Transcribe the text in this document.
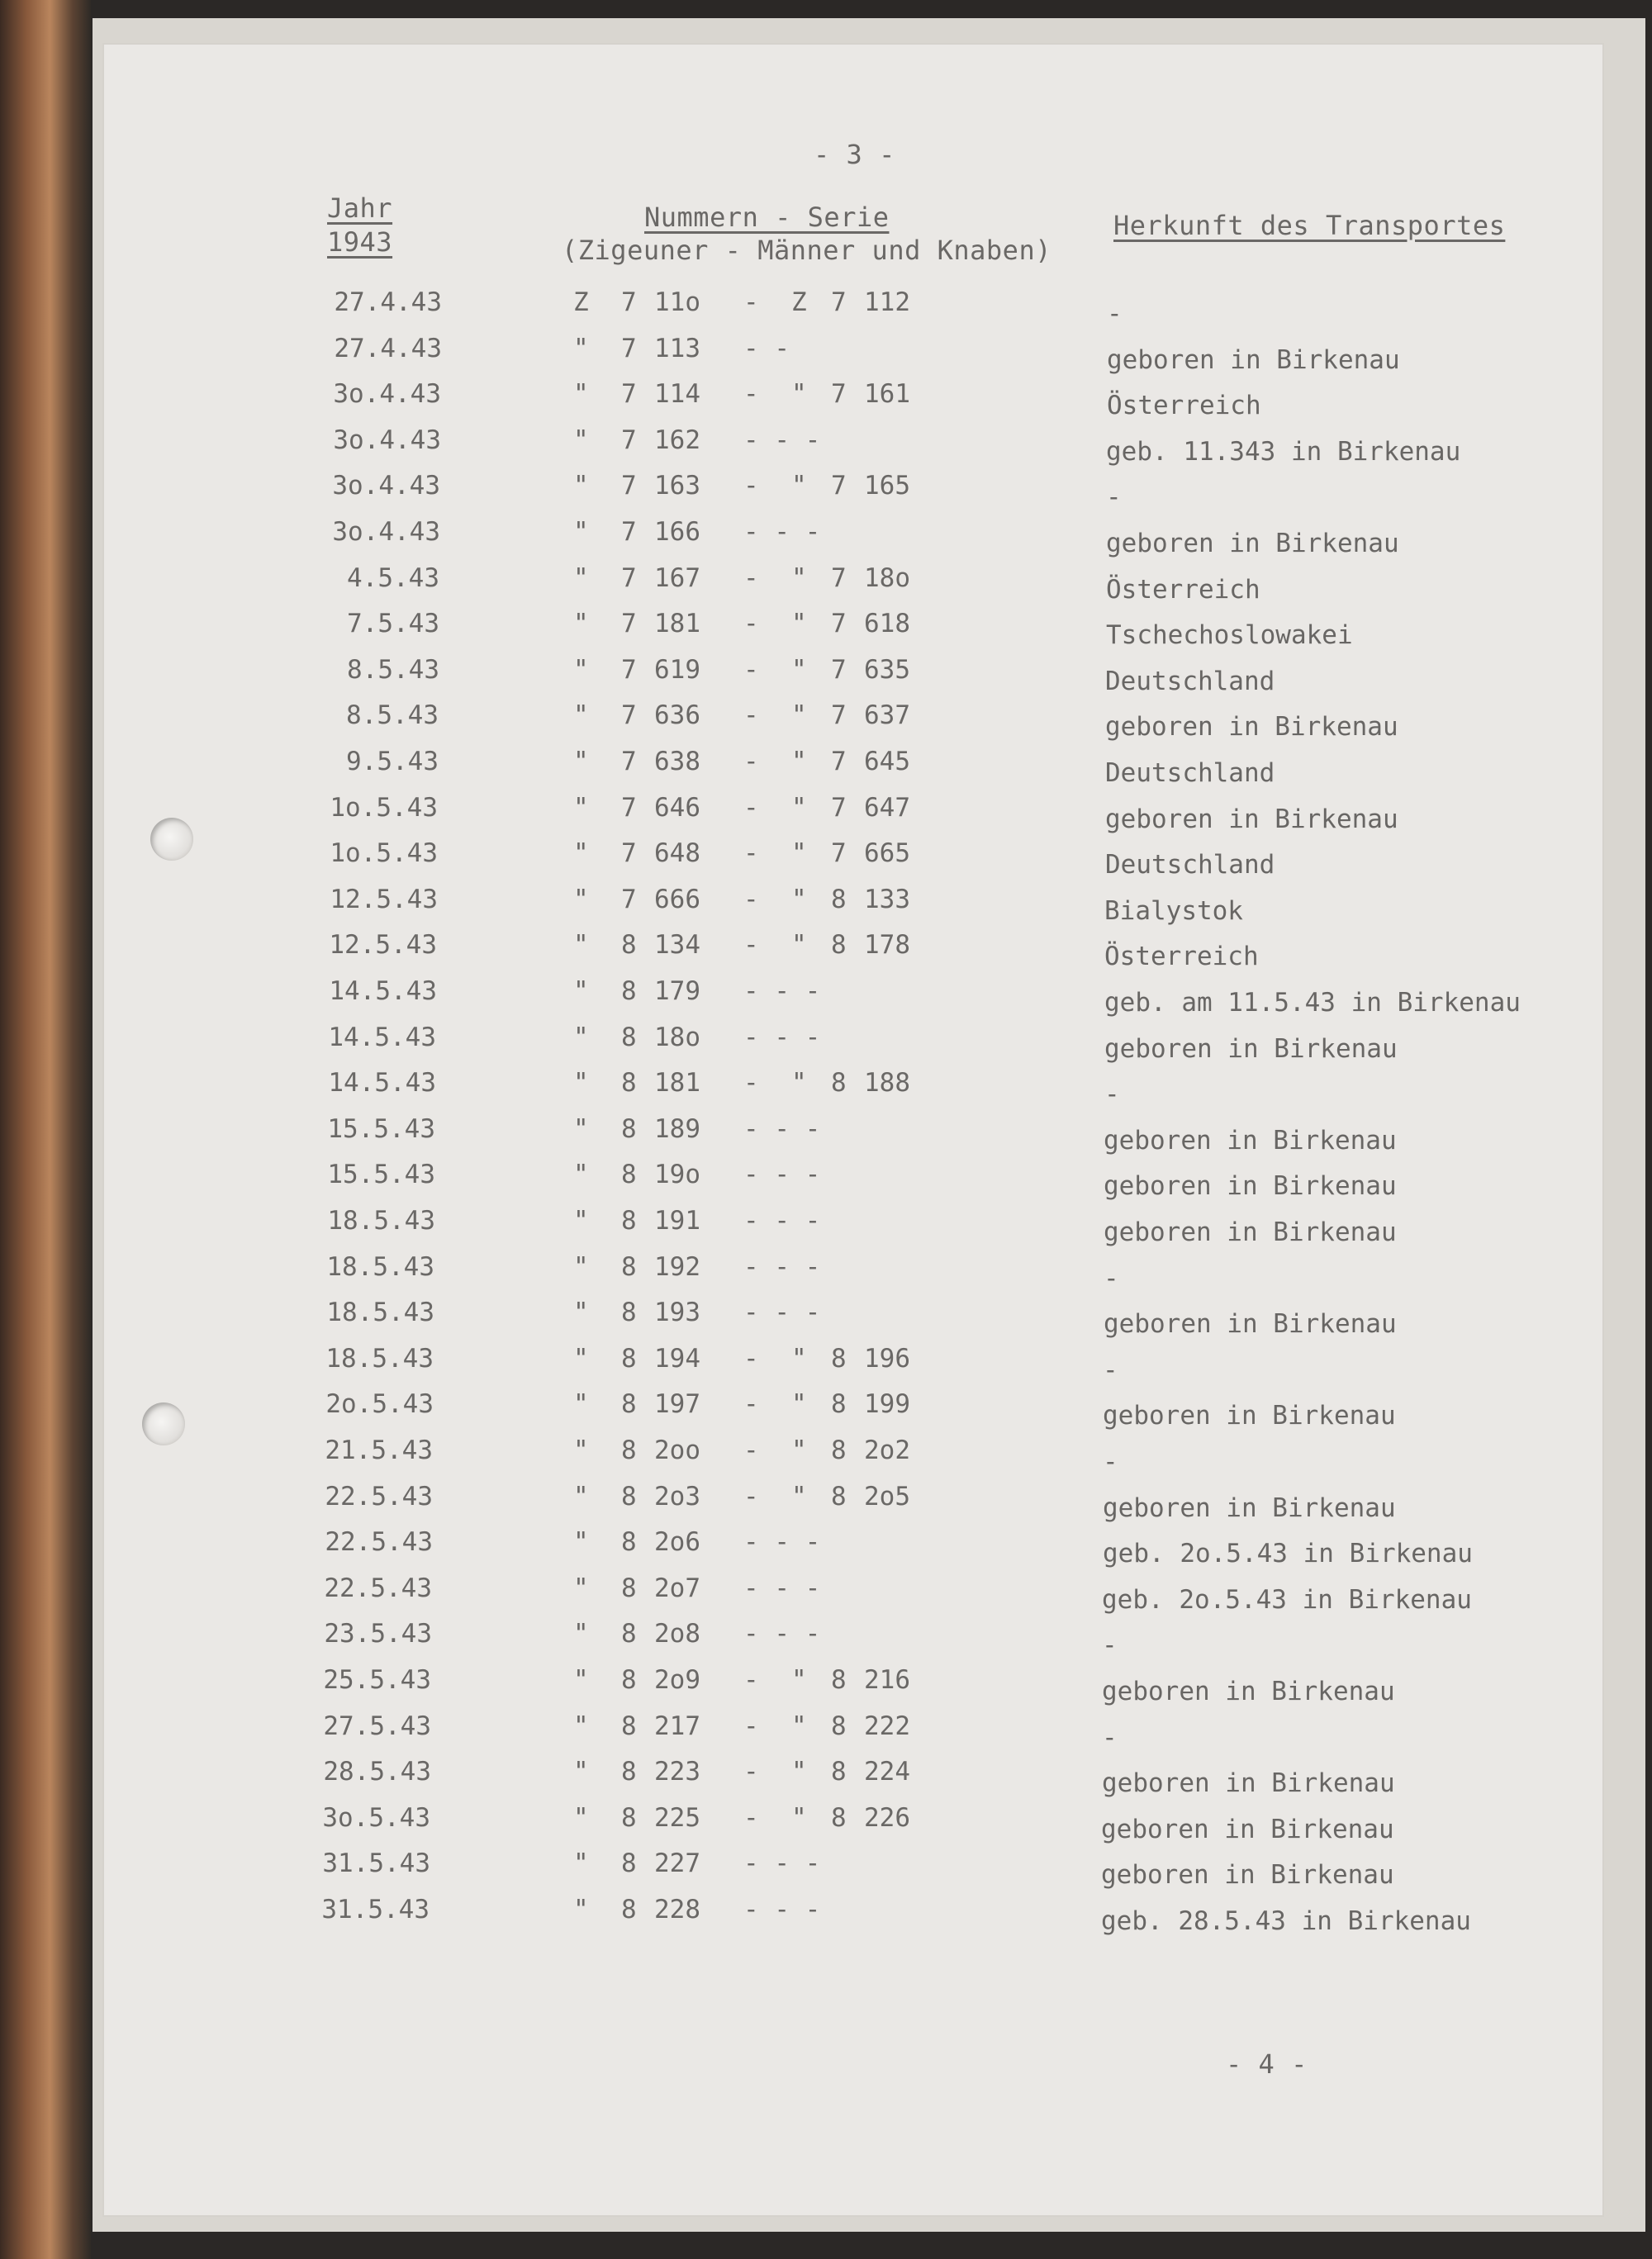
- 3 -
Jahr
1943
Nummern - Serie
(Zigeuner - Männer und Knaben)
Herkunft des Transportes
27.4.43	Z 7 11o - Z 7 112	-
27.4.43	" 7 113 - -	geboren in Birkenau
3o.4.43	" 7 114 - " 7 161	Österreich
3o.4.43	" 7 162 - - -	geb. 11.343 in Birkenau
3o.4.43	" 7 163 - " 7 165	-
3o.4.43	" 7 166 - - -	geboren in Birkenau
4.5.43	" 7 167 - " 7 18o	Österreich
7.5.43	" 7 181 - " 7 618	Tschechoslowakei
8.5.43	" 7 619 - " 7 635	Deutschland
8.5.43	" 7 636 - " 7 637	geboren in Birkenau
9.5.43	" 7 638 - " 7 645	Deutschland
1o.5.43	" 7 646 - " 7 647	geboren in Birkenau
1o.5.43	" 7 648 - " 7 665	Deutschland
12.5.43	" 7 666 - " 8 133	Bialystok
12.5.43	" 8 134 - " 8 178	Österreich
14.5.43	" 8 179 - - -	geb. am 11.5.43 in Birkenau
14.5.43	" 8 18o - - -	geboren in Birkenau
14.5.43	" 8 181 - " 8 188	-
15.5.43	" 8 189 - - -	geboren in Birkenau
15.5.43	" 8 19o - - -	geboren in Birkenau
18.5.43	" 8 191 - - -	geboren in Birkenau
18.5.43	" 8 192 - - -	-
18.5.43	" 8 193 - - -	geboren in Birkenau
18.5.43	" 8 194 - " 8 196	-
2o.5.43	" 8 197 - " 8 199	geboren in Birkenau
21.5.43	" 8 2oo - " 8 2o2	-
22.5.43	" 8 2o3 - " 8 2o5	geboren in Birkenau
22.5.43	" 8 2o6 - - -	geb. 2o.5.43 in Birkenau
22.5.43	" 8 2o7 - - -	geb. 2o.5.43 in Birkenau
23.5.43	" 8 2o8 - - -	-
25.5.43	" 8 2o9 - " 8 216	geboren in Birkenau
27.5.43	" 8 217 - " 8 222	-
28.5.43	" 8 223 - " 8 224	geboren in Birkenau
3o.5.43	" 8 225 - " 8 226	geboren in Birkenau
31.5.43	" 8 227 - - -	geboren in Birkenau
31.5.43	" 8 228 - - -	geb. 28.5.43 in Birkenau
- 4 -
